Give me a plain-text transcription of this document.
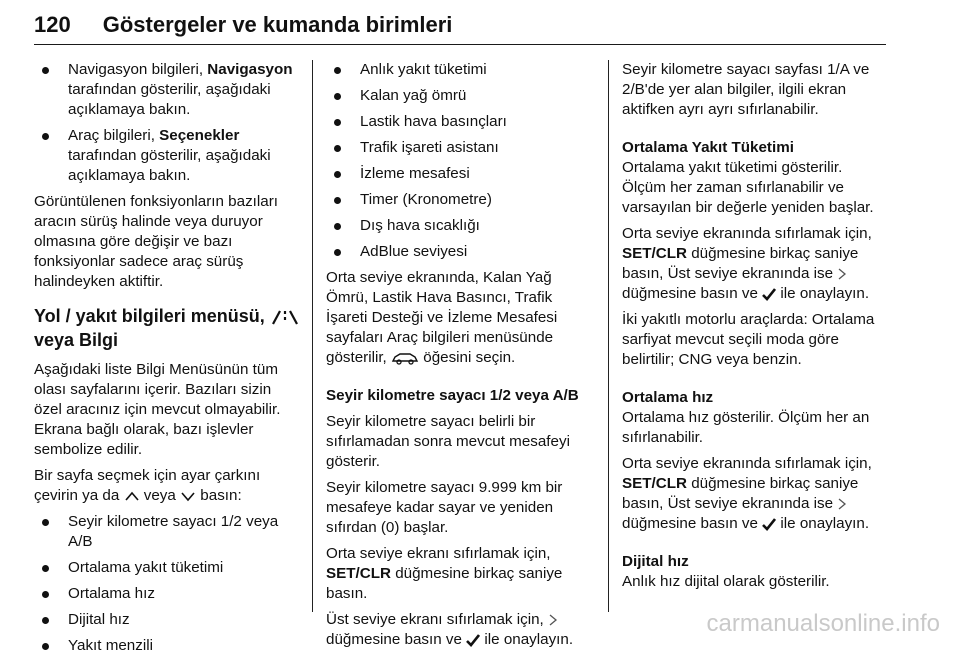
120 Göstergeler ve kumanda birimleri
Navigasyon bilgileri, Navigasyon tarafından gösterilir, aşağıdaki açıklamaya bakın.
Araç bilgileri, Seçenekler tarafından gösterilir, aşağıdaki açıklamaya bakın.

Görüntülenen fonksiyonların bazıları aracın sürüş halinde veya duruyor olmasına göre değişir ve bazı fonksiyonlar sadece araç sürüş halindeyken aktiftir.

Yol / yakıt bilgileri menüsü,
veya Bilgi

Aşağıdaki liste Bilgi Menüsünün tüm olası sayfalarını içerir. Bazıları sizin özel aracınız için mevcut olmayabilir. Ekrana bağlı olarak, bazı işlevler sembolize edilir.

Bir sayfa seçmek için ayar çarkını çevirin ya da veya basın:

Seyir kilometre sayacı 1/2 veya A/B
Ortalama yakıt tüketimi
Ortalama hız
Dijital hız
Yakıt menzili
Anlık yakıt tüketimi
Kalan yağ ömrü
Lastik hava basınçları
Trafik işareti asistanı
İzleme mesafesi
Timer (Kronometre)
Dış hava sıcaklığı
AdBlue seviyesi

Orta seviye ekranında, Kalan Yağ Ömrü, Lastik Hava Basıncı, Trafik İşareti Desteği ve İzleme Mesafesi sayfaları Araç bilgileri menüsünde gösterilir, öğesini seçin.

Seyir kilometre sayacı 1/2 veya A/B

Seyir kilometre sayacı belirli bir sıfırlamadan sonra mevcut mesafeyi gösterir.

Seyir kilometre sayacı 9.999 km bir mesafeye kadar sayar ve yeniden sıfırdan (0) başlar.

Orta seviye ekranı sıfırlamak için,
SET/CLR düğmesine birkaç saniye basın.

Üst seviye ekranı sıfırlamak için,
düğmesine basın ve ile onaylayın.

Seyir kilometre sayacı sayfası 1/A ve 2/B'de yer alan bilgiler, ilgili ekran aktifken ayrı ayrı sıfırlanabilir.

Ortalama Yakıt Tüketimi

Ortalama yakıt tüketimi gösterilir. Ölçüm her zaman sıfırlanabilir ve varsayılan bir değerle yeniden başlar.

Orta seviye ekranında sıfırlamak için, SET/CLR düğmesine birkaç saniye basın, Üst seviye ekranında ise  düğmesine basın ve ile onaylayın.

İki yakıtlı motorlu araçlarda: Ortalama sarfiyat mevcut seçili moda göre belirtilir; CNG veya benzin.

Ortalama hız

Ortalama hız gösterilir. Ölçüm her an sıfırlanabilir.

Orta seviye ekranında sıfırlamak için, SET/CLR düğmesine birkaç saniye basın, Üst seviye ekranında ise  düğmesine basın ve ile onaylayın.

Dijital hız

Anlık hız dijital olarak gösterilir.

carmanualsonline.info
